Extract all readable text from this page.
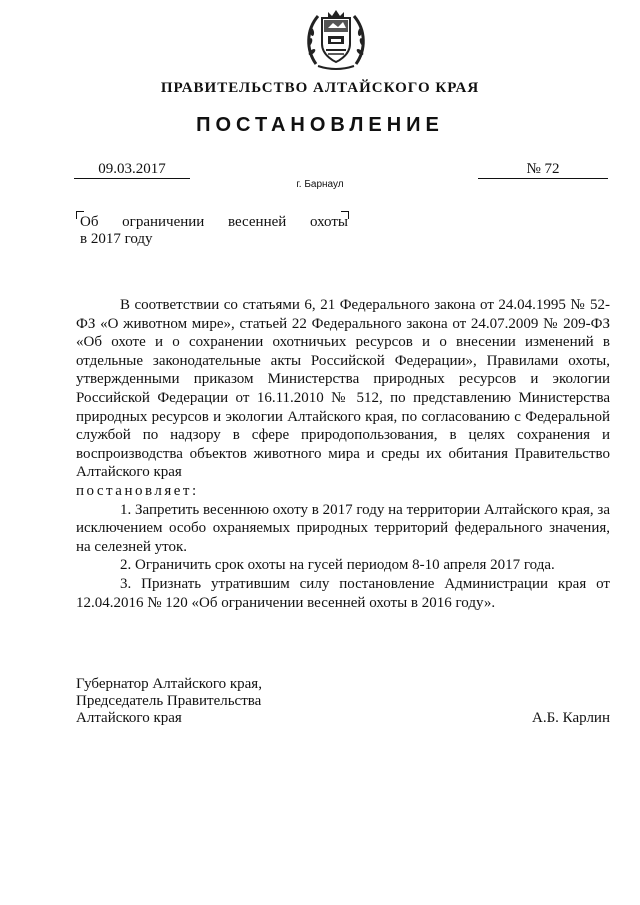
ПРАВИТЕЛЬСТВО АЛТАЙСКОГО КРАЯ
ПОСТАНОВЛЕНИЕ
09.03.2017	№ 72
г. Барнаул
Об ограничении весенней охоты
в 2017 году

В соответствии со статьями 6, 21 Федерального закона от 24.04.1995 № 52-ФЗ «О животном мире», статьей 22 Федерального закона от 24.07.2009 № 209-ФЗ «Об охоте и о сохранении охотничьих ресурсов и о внесении изменений в отдельные законодательные акты Российской Федерации», Правилами охоты, утвержденными приказом Министерства природных ресурсов и экологии Российской Федерации от 16.11.2010 № 512, по представлению Министерства природных ресурсов и экологии Алтайского края, по согласованию с Федеральной службой по надзору в сфере природопользования, в целях сохранения и воспроизводства объектов животного мира и среды их обитания Правительство Алтайского края

постановляет:

1. Запретить весеннюю охоту в 2017 году на территории Алтайского края, за исключением особо охраняемых природных территорий федерального значения, на селезней уток.

2. Ограничить срок охоты на гусей периодом 8-10 апреля 2017 года.

3. Признать утратившим силу постановление Администрации края от 12.04.2016 № 120 «Об ограничении весенней охоты в 2016 году».

Губернатор Алтайского края,
Председатель Правительства
Алтайского края	А.Б. Карлин
